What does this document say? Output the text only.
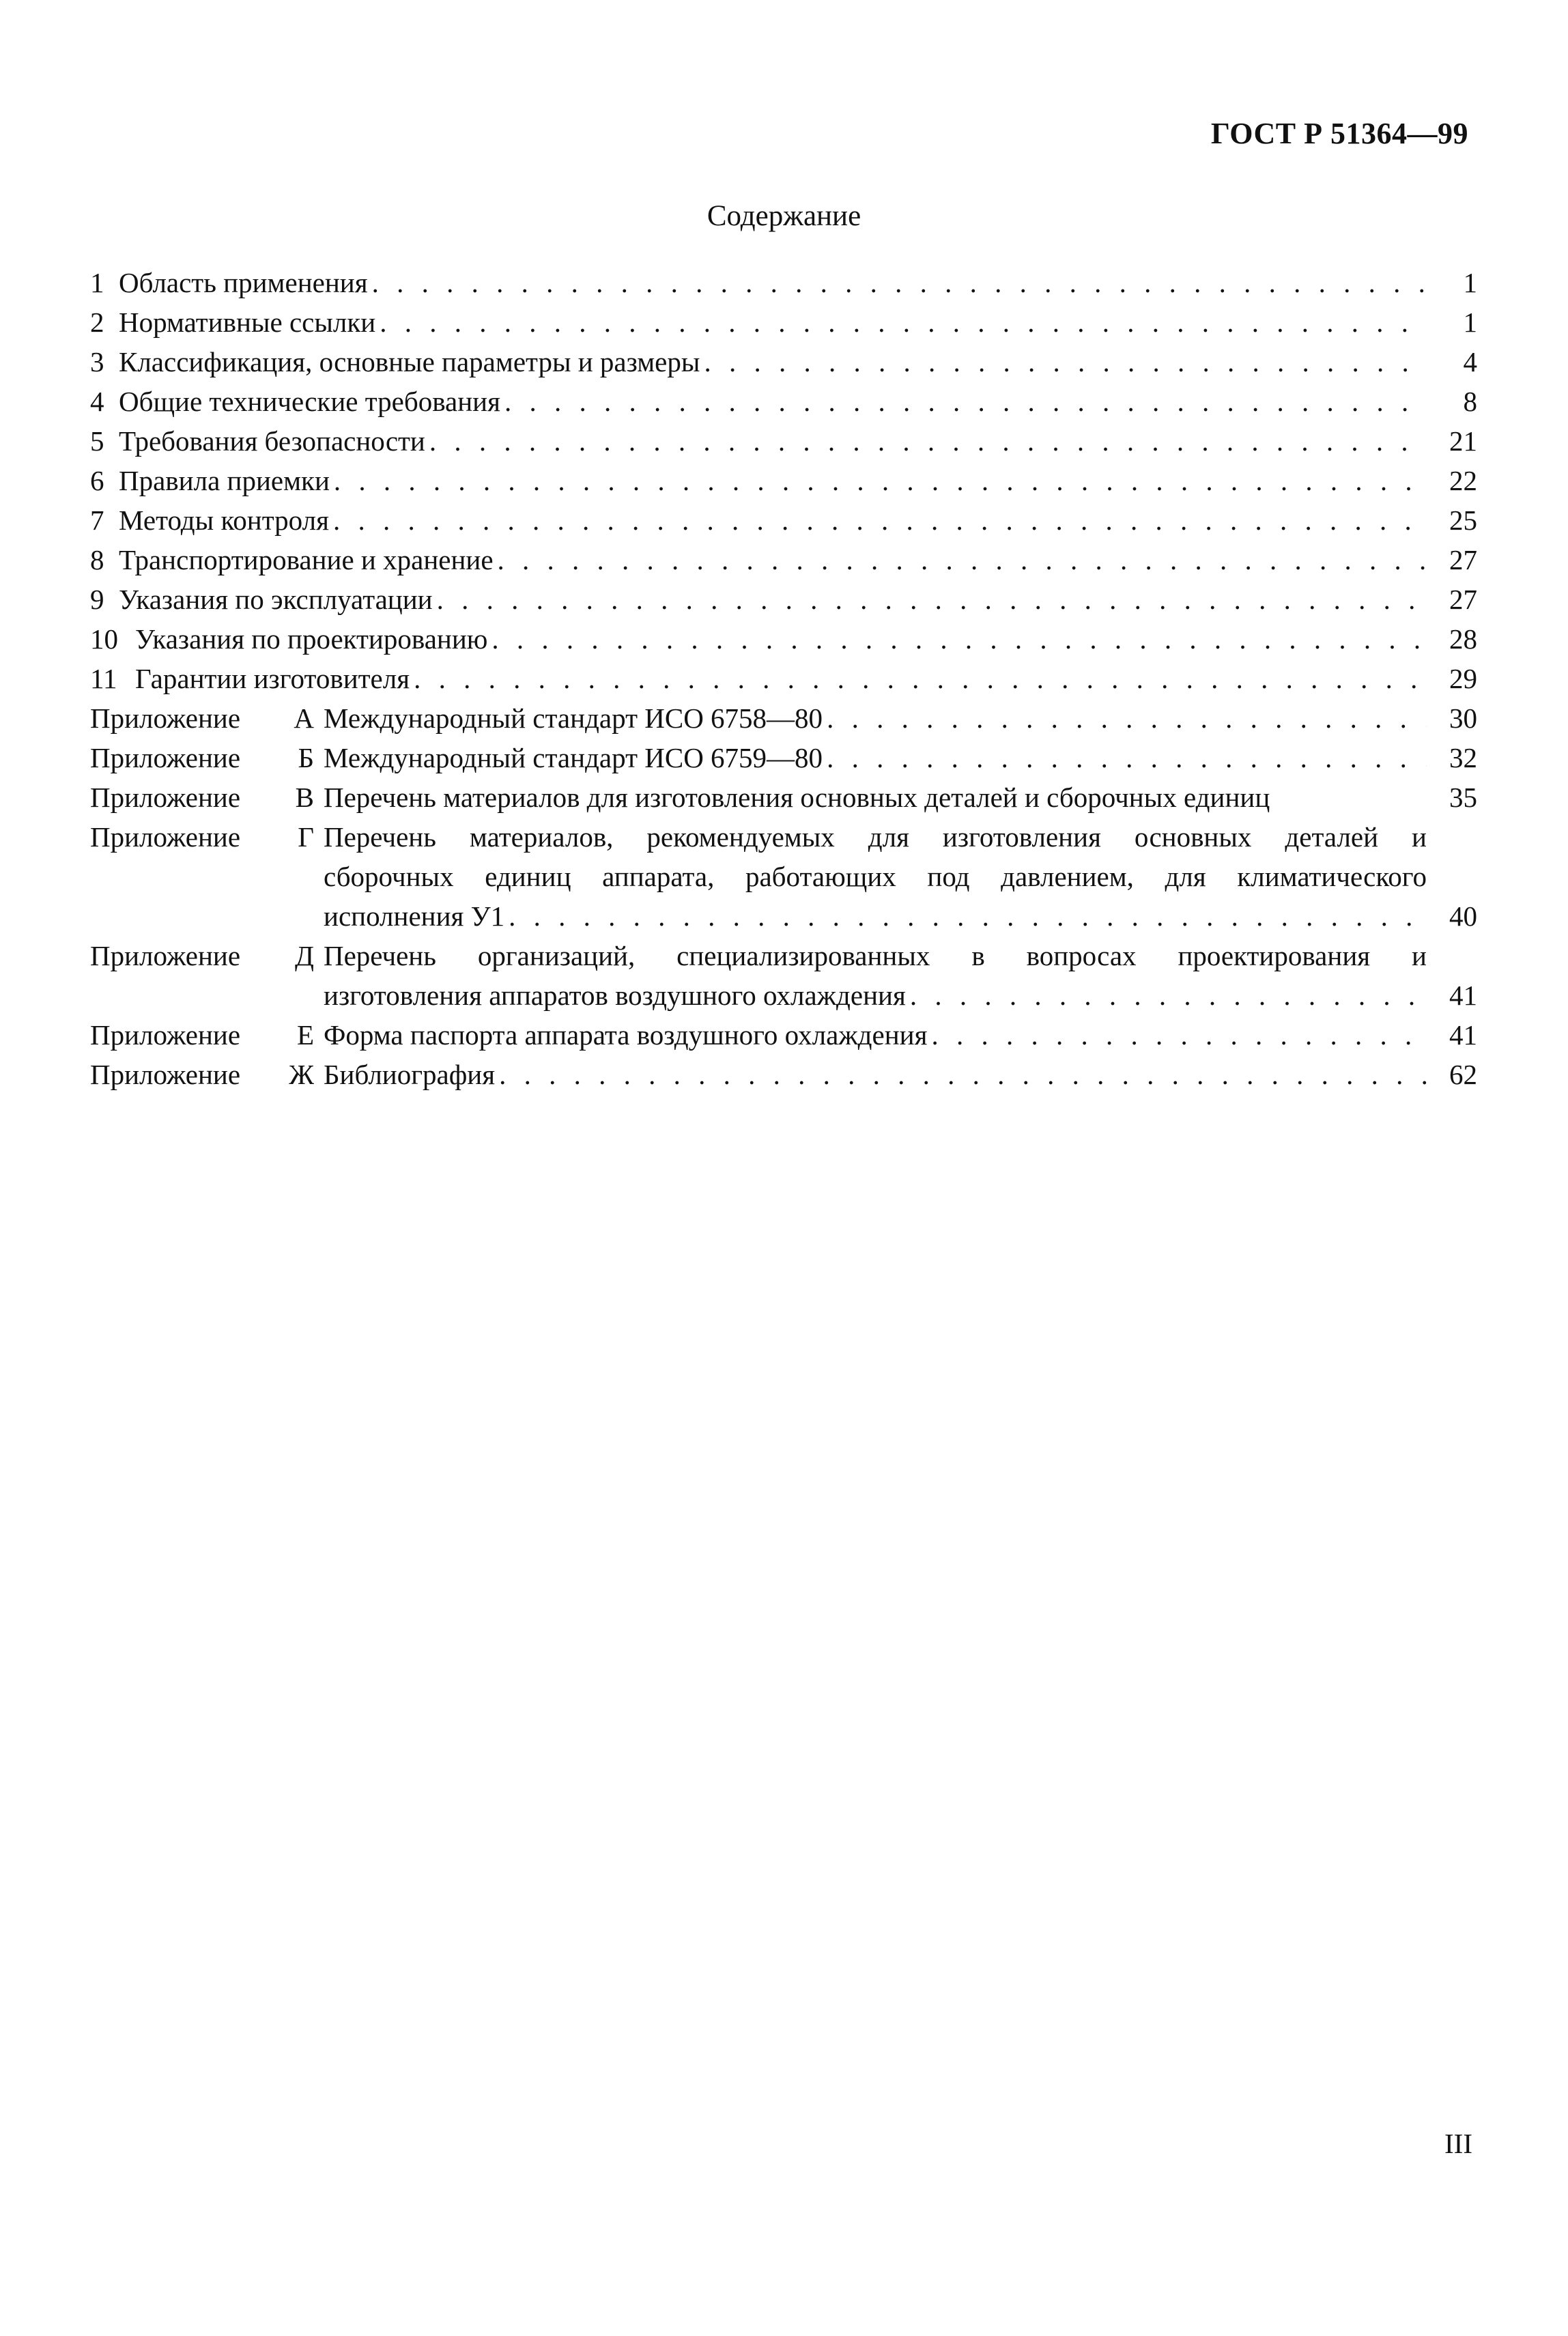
ГОСТ Р 51364—99
Содержание
1 Область применения . . .	1
2 Нормативные ссылки . . .	1
3 Классификация, основные параметры и размеры . . .	4
4 Общие технические требования . . .	8
5 Требования безопасности . . .	21
6 Правила приемки . . .	22
7 Методы контроля . . .	25
8 Транспортирование и хранение . . .	27
9 Указания по эксплуатации . . .	27
10 Указания по проектированию . . .	28
11 Гарантии изготовителя . . .	29
Приложение А Международный стандарт ИСО 6758—80 . . .	30
Приложение Б Международный стандарт ИСО 6759—80 . . .	32
Приложение В Перечень материалов для изготовления основных деталей и сборочных единиц	35
Приложение Г Перечень материалов, рекомендуемых для изготовления основных деталей и
сборочных единиц аппарата, работающих под давлением, для климатического
исполнения У1 . . .	40
Приложение Д Перечень организаций, специализированных в вопросах проектирования и
изготовления аппаратов воздушного охлаждения . . .	41
Приложение Е Форма паспорта аппарата воздушного охлаждения . . .	41
Приложение Ж Библиография . . .	62
III
